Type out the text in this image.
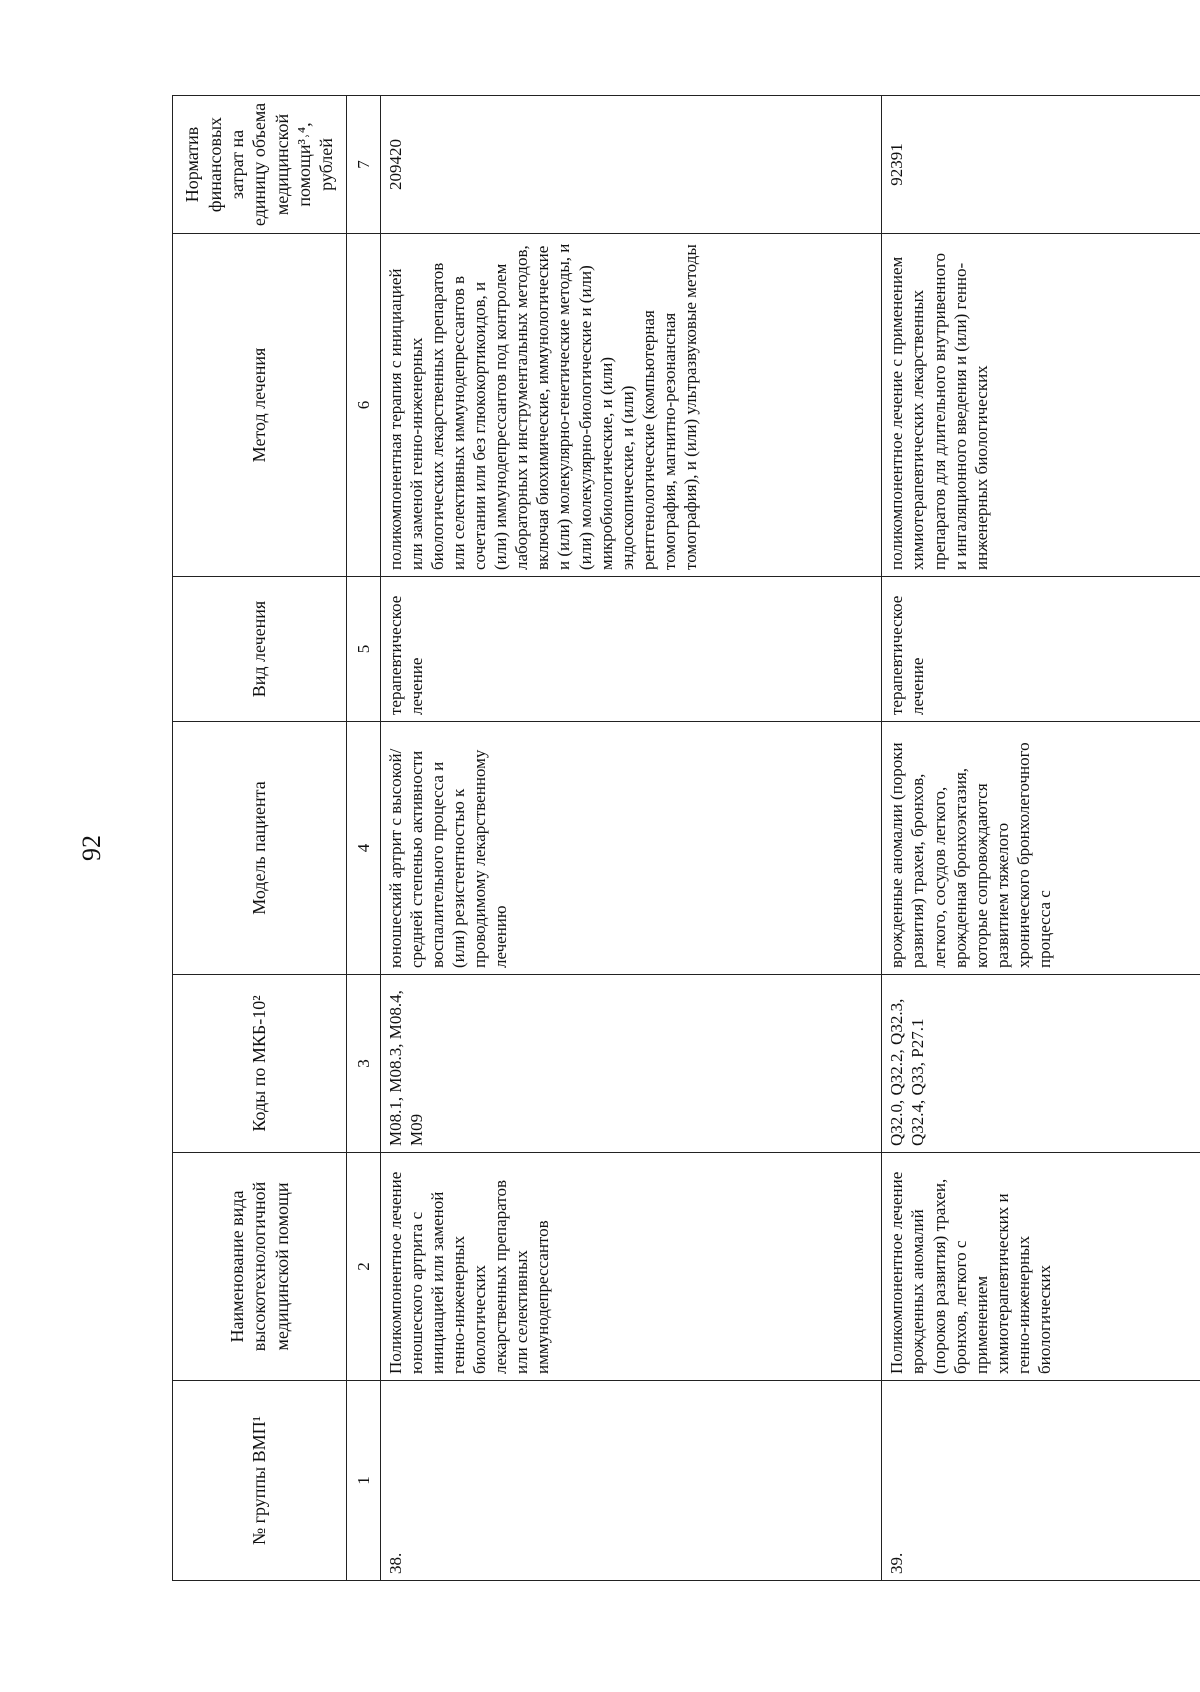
92
№ группы ВМП¹	Наименование вида высокотехнологичной медицинской помощи	Коды по МКБ-10²	Модель пациента	Вид лечения	Метод лечения	Норматив финансовых затрат на единицу объема медицинской помощи³˒⁴, рублей
1	2	3	4	5	6	7
38.	Поликомпонентное лечение юношеского артрита с инициацией или заменой генно-инженерных биологических лекарственных препаратов или селективных иммунодепрессантов	M08.1, M08.3, M08.4, M09	юношеский артрит с высокой/средней степенью активности воспалительного процесса и (или) резистентностью к проводимому лекарственному лечению	терапевтическое лечение	поликомпонентная терапия с инициацией или заменой генно-инженерных биологических лекарственных препаратов или селективных иммунодепрессантов в сочетании или без глюкокортикоидов, и (или) иммунодепрессантов под контролем лабораторных и инструментальных методов, включая биохимические, иммунологические и (или) молекулярно-генетические методы, и (или) молекулярно-биологические и (или) микробиологические, и (или) эндоскопические, и (или) рентгенологические (компьютерная томография, магнитно-резонансная томография), и (или) ультразвуковые методы	209420
39.	Поликомпонентное лечение врожденных аномалий (пороков развития) трахеи, бронхов, легкого с применением химиотерапевтических и генно-инженерных биологических	Q32.0, Q32.2, Q32.3, Q32.4, Q33, P27.1	врожденные аномалии (пороки развития) трахеи, бронхов, легкого, сосудов легкого, врожденная бронхоэктазия, которые сопровождаются развитием тяжелого хронического бронхолегочного процесса с	терапевтическое лечение	поликомпонентное лечение с применением химиотерапевтических лекарственных препаратов для длительного внутривенного и ингаляционного введения и (или) генно-инженерных биологических	92391
